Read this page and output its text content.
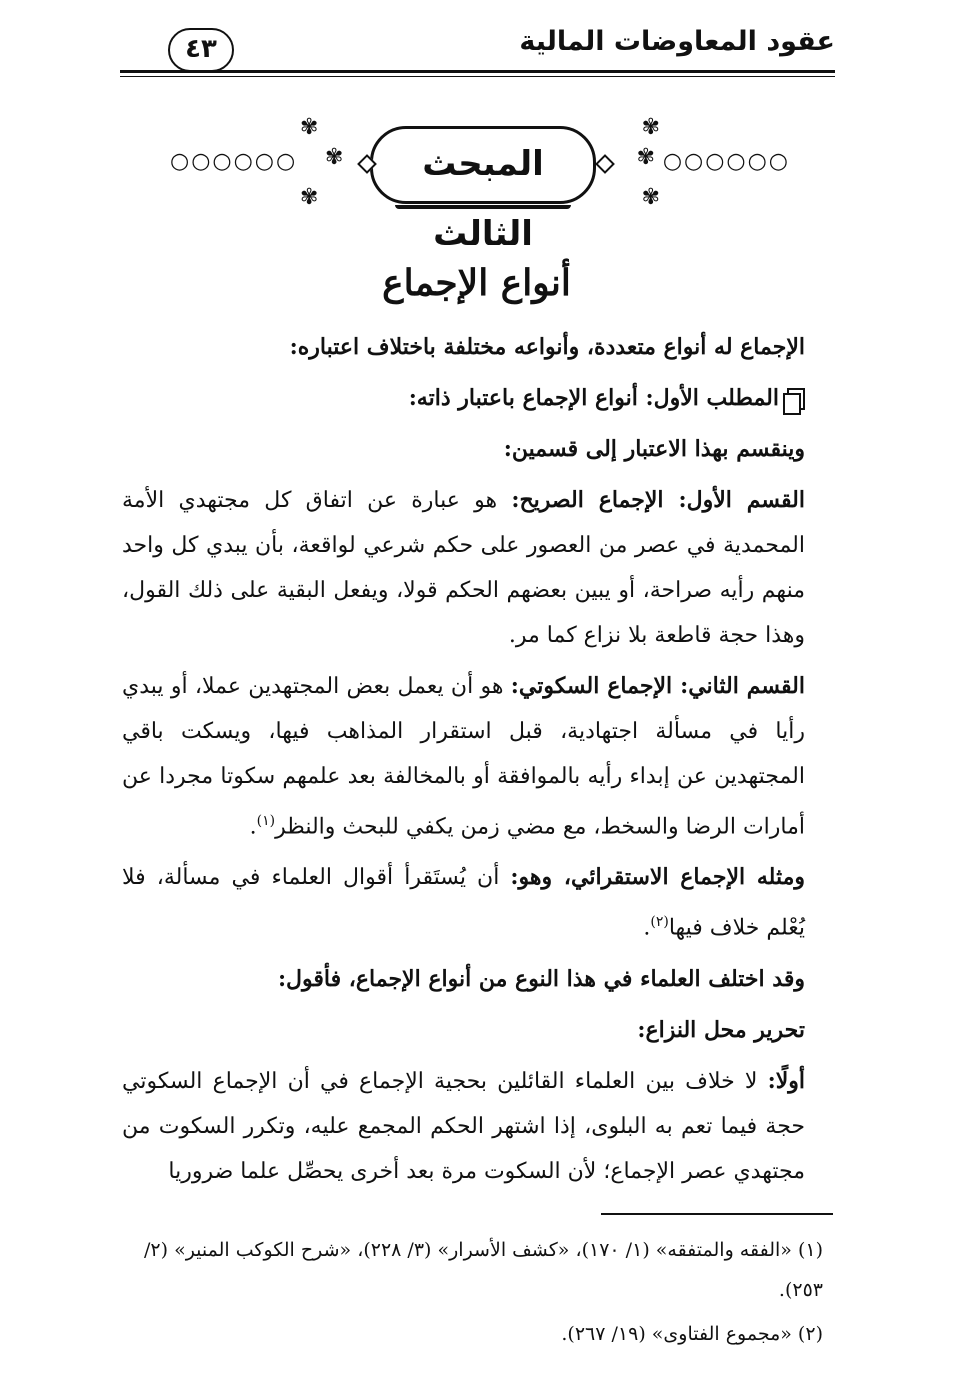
عقود المعاوضات المالية
٤٣
○○○○○○
✾
✾
✾
المبحث الثالث
✾
✾
✾
○○○○○○
أنواع الإجماع

الإجماع له أنواع متعددة، وأنواعه مختلفة باختلاف اعتباره:

المطلب الأول: أنواع الإجماع باعتبار ذاته:

وينقسم بهذا الاعتبار إلى قسمين:

القسم الأول: الإجماع الصريح: هو عبارة عن اتفاق كل مجتهدي الأمة المحمدية في عصر من العصور على حكم شرعي لواقعة، بأن يبدي كل واحد منهم رأيه صراحة، أو يبين بعضهم الحكم قولا، ويفعل البقية على ذلك القول، وهذا حجة قاطعة بلا نزاع كما مر.

القسم الثاني: الإجماع السكوتي: هو أن يعمل بعض المجتهدين عملا، أو يبدي رأيا في مسألة اجتهادية، قبل استقرار المذاهب فيها، ويسكت باقي المجتهدين عن إبداء رأيه بالموافقة أو بالمخالفة بعد علمهم سكوتا مجردا عن أمارات الرضا والسخط، مع مضي زمن يكفي للبحث والنظر$^{(١)}$.

ومثله الإجماع الاستقرائي، وهو: أن يُستَقرأ أقوال العلماء في مسألة، فلا يُعْلم خلاف فيها$^{(٢)}$.

وقد اختلف العلماء في هذا النوع من أنواع الإجماع، فأقول:

تحرير محل النزاع:

أولًا: لا خلاف بين العلماء القائلين بحجية الإجماع في أن الإجماع السكوتي حجة فيما تعم به البلوى، إذا اشتهر الحكم المجمع عليه، وتكرر السكوت من مجتهدي عصر الإجماع؛ لأن السكوت مرة بعد أخرى يحصِّل علما ضروريا

(١) «الفقه والمتفقه» (١/ ١٧٠)، «كشف الأسرار» (٣/ ٢٢٨)، «شرح الكوكب المنير» (٢/ ٢٥٣).

(٢) «مجموع الفتاوى» (١٩/ ٢٦٧).
